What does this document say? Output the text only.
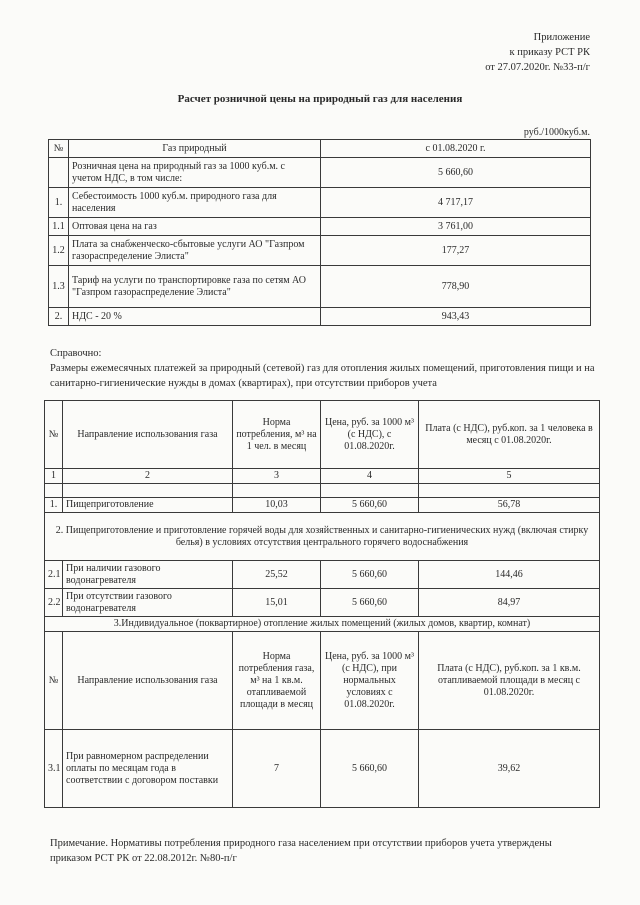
Приложение
к приказу РСТ РК
от 27.07.2020г. №33-п/г
Расчет розничной цены на природный газ для населения
руб./1000куб.м.
№	Газ природный	с 01.08.2020 г.
	Розничная цена на природный газ за 1000 куб.м. с учетом НДС, в том числе:	5 660,60
1.	Себестоимость 1000 куб.м. природного газа для населения	4 717,17
1.1	Оптовая цена на газ	3 761,00
1.2	Плата за снабженческо-сбытовые услуги АО "Газпром газораспределение Элиста"	177,27
1.3	Тариф на услуги по транспортировке газа по сетям АО "Газпром газораспределение Элиста"	778,90
2.	НДС - 20 %	943,43
Справочно:
Размеры ежемесячных платежей за природный (сетевой) газ для отопления жилых помещений, приготовления пищи и на санитарно-гигиенические нужды в домах (квартирах), при отсутствии приборов учета
№	Направление использования газа	Норма потребления, м³ на 1 чел. в месяц	Цена, руб. за 1000 м³ (с НДС), с 01.08.2020г.	Плата (с НДС), руб.коп. за 1 человека в месяц с 01.08.2020г.
1	2	3	4	5

1.	Пищеприготовление	10,03	5 660,60	56,78
2. Пищеприготовление и приготовление горячей воды для хозяйственных и санитарно-гигиенических нужд (включая стирку белья) в условиях отсутствия центрального горячего водоснабжения				
2.1	При наличии газового водонагревателя	25,52	5 660,60	144,46
2.2	При отсутствии газового водонагревателя	15,01	5 660,60	84,97
3.Индивидуальное (поквартирное) отопление жилых помещений (жилых домов, квартир, комнат)				
№	Направление использования газа	Норма потребления газа, м³ на 1 кв.м. отапливаемой площади в месяц	Цена, руб. за 1000 м³ (с НДС), при нормальных условиях с 01.08.2020г.	Плата (с НДС), руб.коп. за 1 кв.м. отапливаемой площади в месяц с 01.08.2020г.
3.1	При равномерном распределении оплаты по месяцам года в соответствии с договором поставки	7	5 660,60	39,62
Примечание. Нормативы потребления природного газа населением при отсутствии приборов учета утверждены приказом РСТ РК от 22.08.2012г. №80-п/г
